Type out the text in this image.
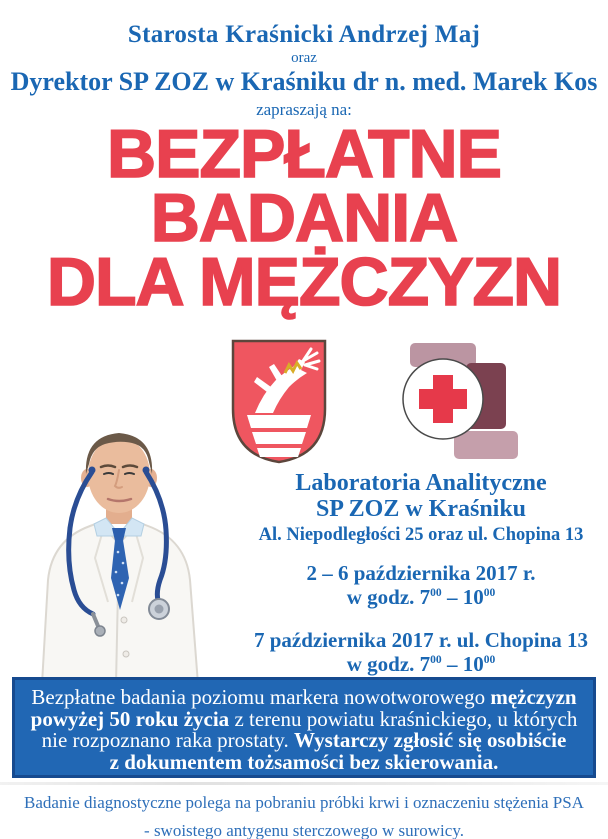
Starosta Kraśnicki Andrzej Maj
oraz
Dyrektor SP ZOZ w Kraśniku dr n. med. Marek Kos
zapraszają na:
BEZPŁATNE
BADANIA
DLA MĘŻCZYZN
Laboratoria Analityczne
SP ZOZ w Kraśniku
Al. Niepodległości 25 oraz ul. Chopina 13
2 – 6 października 2017 r.
w godz. $7^{00} - 10^{00}$
7 października 2017 r. ul. Chopina 13
w godz. $7^{00} - 10^{00}$
Bezpłatne badania poziomu markera nowotworowego mężczyzn
powyżej 50 roku życia z terenu powiatu kraśnickiego, u których
nie rozpoznano raka prostaty. Wystarczy zgłosić się osobiście
z dokumentem tożsamości bez skierowania.
Badanie diagnostyczne polega na pobraniu próbki krwi i oznaczeniu stężenia PSA
- swoistego antygenu sterczowego w surowicy.
